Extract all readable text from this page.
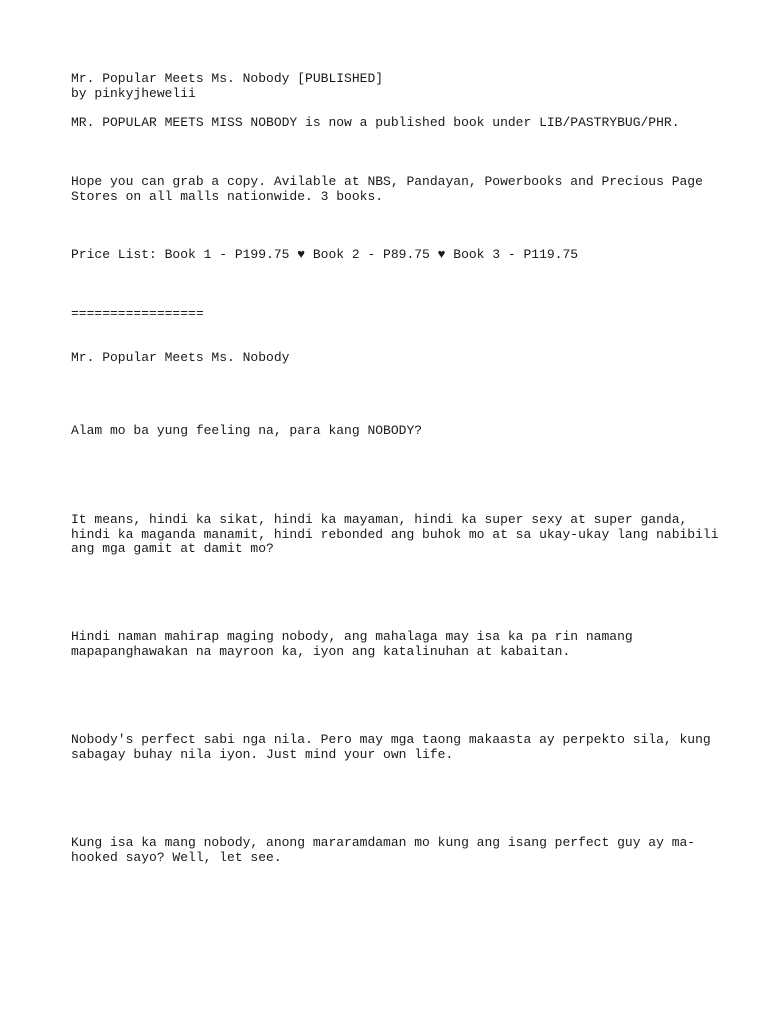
Mr. Popular Meets Ms. Nobody [PUBLISHED]

by pinkyjhewelii

MR. POPULAR MEETS MISS NOBODY is now a published book under LIB/PASTRYBUG/PHR.

Hope you can grab a copy. Avilable at NBS, Pandayan, Powerbooks and Precious Page Stores on all malls nationwide. 3 books.

Price List: Book 1 - P199.75 ♥ Book 2 - P89.75 ♥ Book 3 - P119.75

=================

Mr. Popular Meets Ms. Nobody

Alam mo ba yung feeling na, para kang NOBODY?

It means, hindi ka sikat, hindi ka mayaman, hindi ka super sexy at super ganda, hindi ka maganda manamit, hindi rebonded ang buhok mo at sa ukay-ukay lang nabibili ang mga gamit at damit mo?

Hindi naman mahirap maging nobody, ang mahalaga may isa ka pa rin namang mapapanghawakan na mayroon ka, iyon ang katalinuhan at kabaitan.

Nobody's perfect sabi nga nila. Pero may mga taong makaasta ay perpekto sila, kung sabagay buhay nila iyon. Just mind your own life.

Kung isa ka mang nobody, anong mararamdaman mo kung ang isang perfect guy ay ma-hooked sayo? Well, let see.
